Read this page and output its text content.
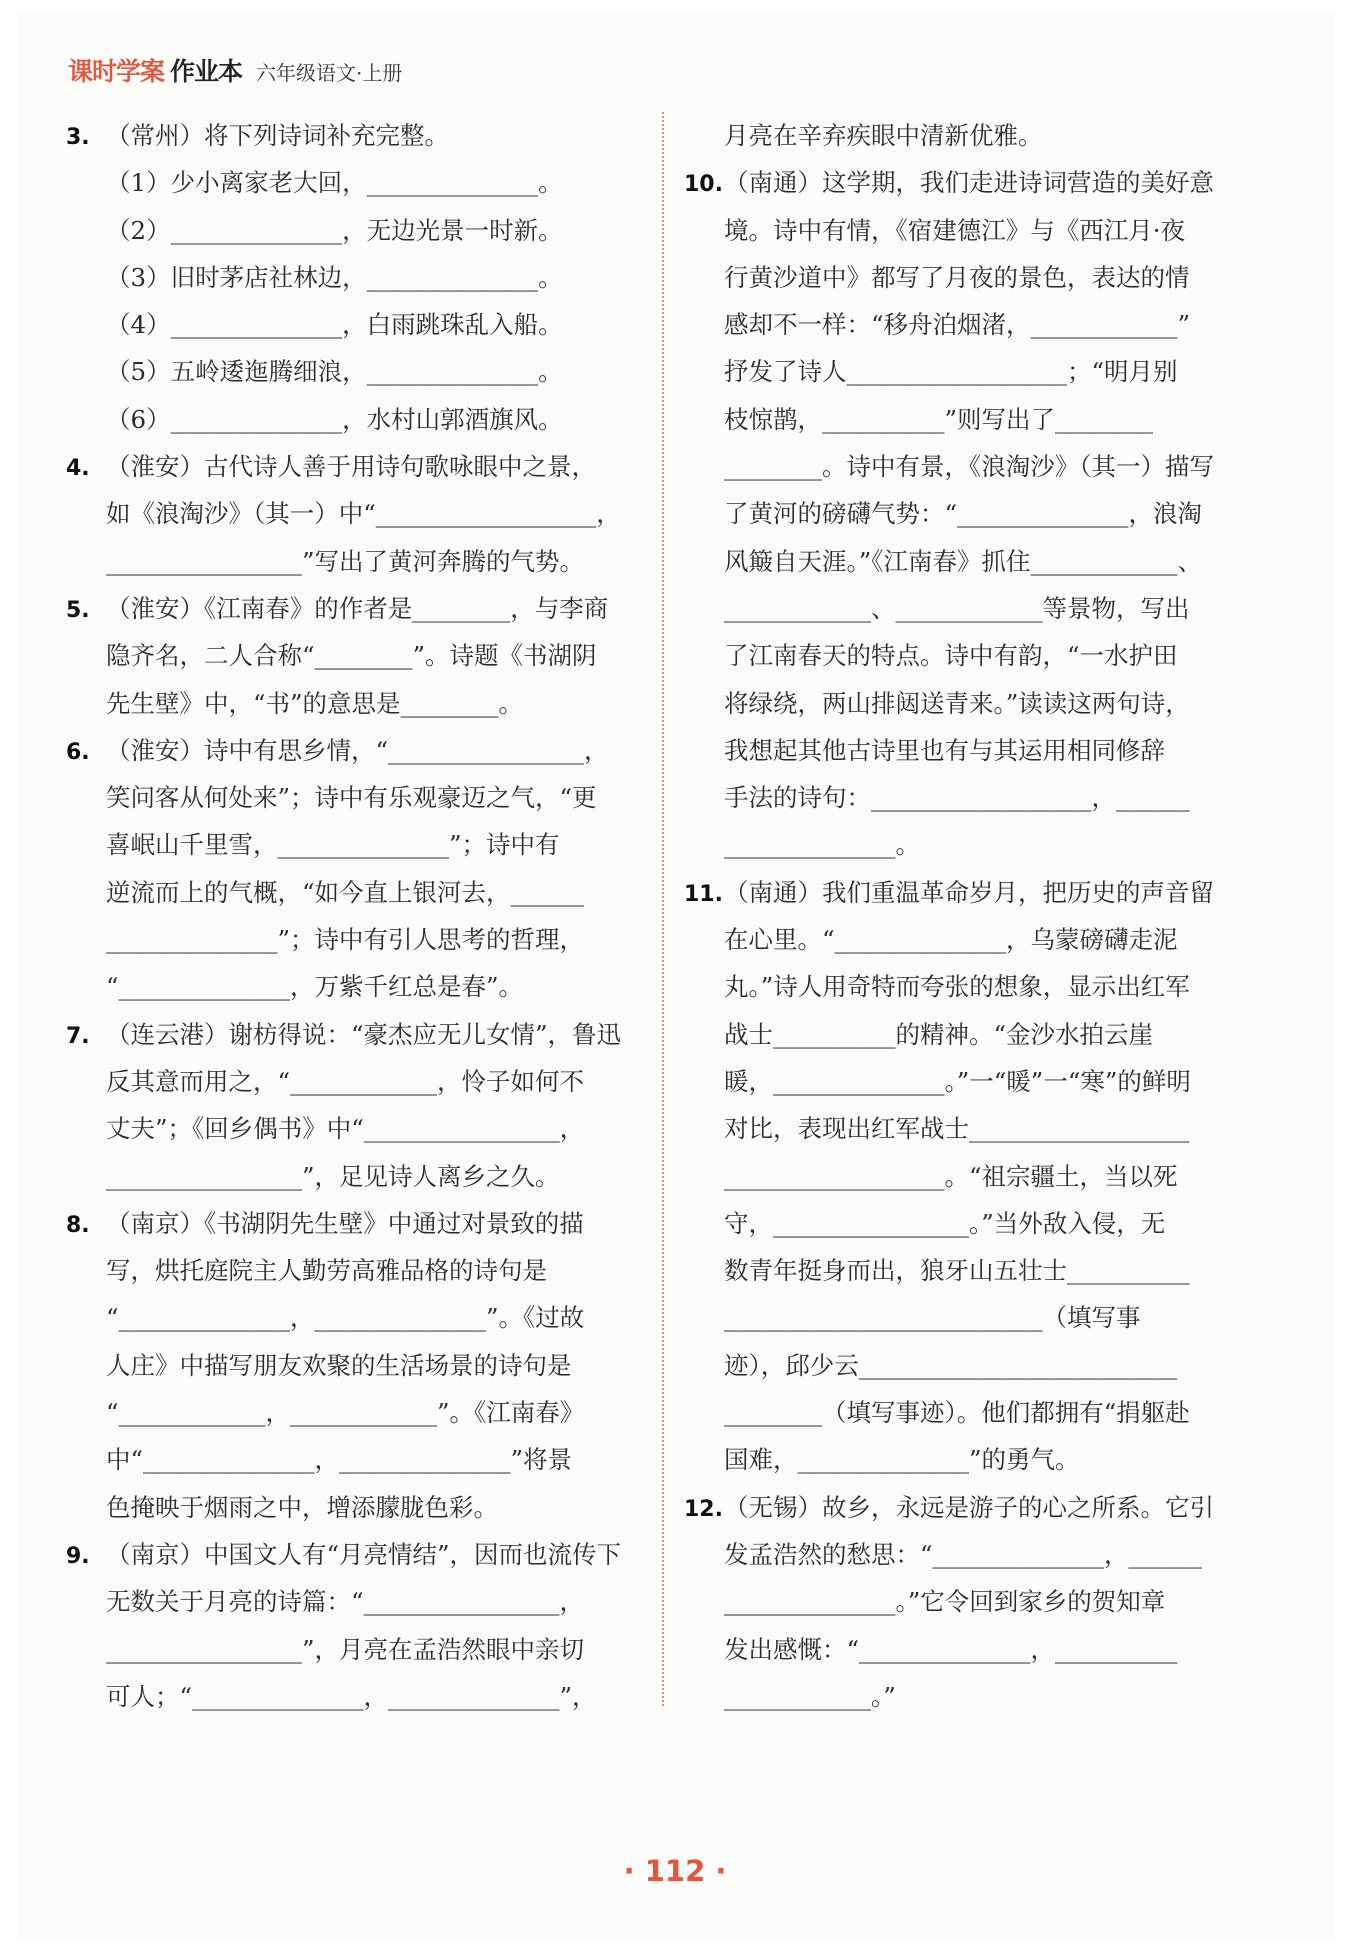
课时学案 作业本 六年级语文·上册
3. （常州）将下列诗词补充完整。
（1）少小离家老大回，______________。
（2）______________，无边光景一时新。
（3）旧时茅店社林边，______________。
（4）______________，白雨跳珠乱入船。
（5）五岭逶迤腾细浪，______________。
（6）______________，水村山郭酒旗风。
4. （淮安）古代诗人善于用诗句歌咏眼中之景，
如《浪淘沙》（其一）中“__________________，
________________”写出了黄河奔腾的气势。
5. （淮安）《江南春》的作者是________，与李商
隐齐名，二人合称“________”。诗题《书湖阴
先生壁》中，“书”的意思是________。
6. （淮安）诗中有思乡情，“________________，
笑问客从何处来”；诗中有乐观豪迈之气，“更
喜岷山千里雪，______________”；诗中有
逆流而上的气概，“如今直上银河去，______
______________”；诗中有引人思考的哲理，
“______________，万紫千红总是春”。
7. （连云港）谢枋得说：“豪杰应无儿女情”，鲁迅
反其意而用之，“____________，怜子如何不
丈夫”；《回乡偶书》中“________________，
________________”，足见诗人离乡之久。
8. （南京）《书湖阴先生壁》中通过对景致的描
写，烘托庭院主人勤劳高雅品格的诗句是
“______________，______________”。《过故
人庄》中描写朋友欢聚的生活场景的诗句是
“____________，____________”。《江南春》
中“______________，______________”将景
色掩映于烟雨之中，增添朦胧色彩。
9. （南京）中国文人有“月亮情结”，因而也流传下
无数关于月亮的诗篇：“________________，
________________”，月亮在孟浩然眼中亲切
可人；“______________，______________”，
月亮在辛弃疾眼中清新优雅。
10.（南通）这学期，我们走进诗词营造的美好意
境。诗中有情，《宿建德江》与《西江月·夜
行黄沙道中》都写了月夜的景色，表达的情
感却不一样：“移舟泊烟渚，____________”
抒发了诗人__________________；“明月别
枝惊鹊，__________”则写出了________
________。诗中有景，《浪淘沙》（其一）描写
了黄河的磅礴气势：“______________，浪淘
风簸自天涯。”《江南春》抓住____________、
____________、____________等景物，写出
了江南春天的特点。诗中有韵，“一水护田
将绿绕，两山排闼送青来。”读读这两句诗，
我想起其他古诗里也有与其运用相同修辞
手法的诗句：__________________，______
______________。
11.（南通）我们重温革命岁月，把历史的声音留
在心里。“______________，乌蒙磅礴走泥
丸。”诗人用奇特而夸张的想象，显示出红军
战士__________的精神。“金沙水拍云崖
暖，______________。”一“暖”一“寒”的鲜明
对比，表现出红军战士__________________
__________________。“祖宗疆土，当以死
守，________________。”当外敌入侵，无
数青年挺身而出，狼牙山五壮士__________
__________________________（填写事
迹），邱少云__________________________
________（填写事迹）。他们都拥有“捐躯赴
国难，______________”的勇气。
12.（无锡）故乡，永远是游子的心之所系。它引
发孟浩然的愁思：“______________，______
______________。”它令回到家乡的贺知章
发出感慨：“______________，__________
____________。”
· 112 ·
